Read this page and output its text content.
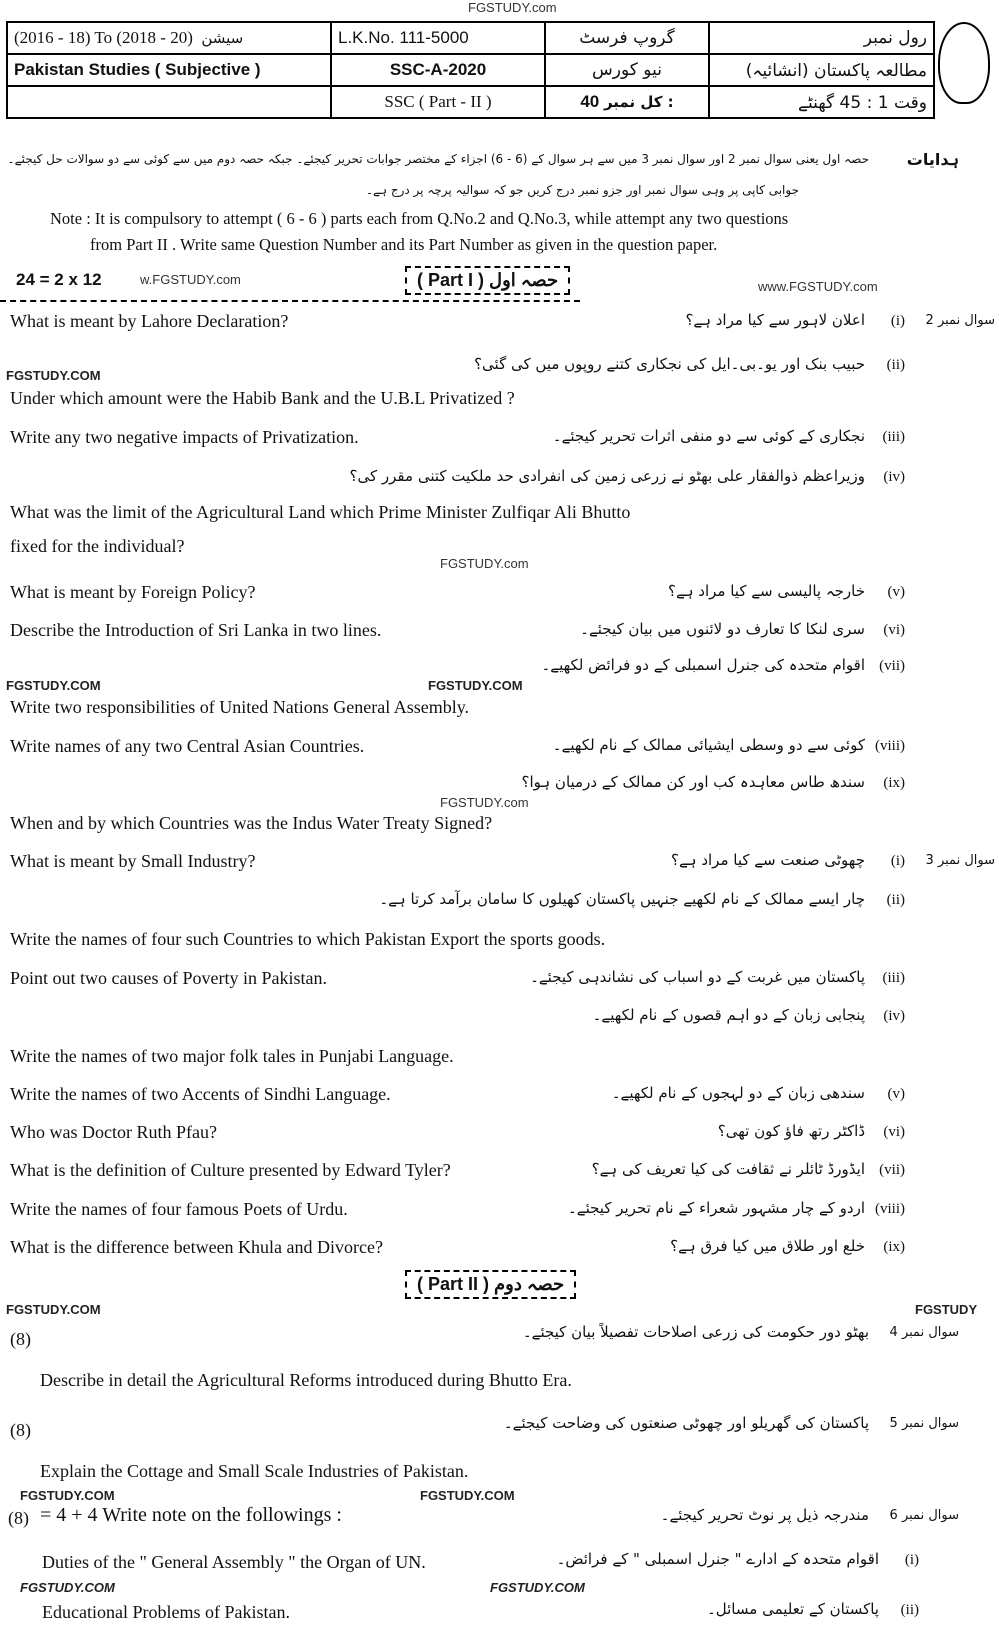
FGSTUDY.com
(2016 - 18) To (2018 - 20) سیشن	L.K.No. 111-5000	گروپ فرسٹ	رول نمبر
Pakistan Studies ( Subjective )	SSC-A-2020	نیو کورس	مطالعہ پاکستان (انشائیہ)
	SSC ( Part - II )	40 کل نمبر :	وقت 1 : 45 گھنٹے
ہدایات
حصہ اول یعنی سوال نمبر 2 اور سوال نمبر 3 میں سے ہر سوال کے (6 - 6) اجزاء کے مختصر جوابات تحریر کیجئے۔ جبکہ حصہ دوم میں سے کوئی سے دو سوالات حل کیجئے۔
جوابی کاپی پر وہی سوال نمبر اور جزو نمبر درج کریں جو کہ سوالیہ پرچہ پر درج ہے۔
Note : It is compulsory to attempt ( 6 - 6 ) parts each from Q.No.2 and Q.No.3, while attempt any two questions
from Part II . Write same Question Number and its Part Number as given in the question paper.
24 = 2 x 12	w.FGSTUDY.com	( Part I ) حصہ اول	www.FGSTUDY.com
( Part II ) حصہ دوم
FGSTUDY.COM	FGSTUDY
FGSTUDY.COM
FGSTUDY.COM	FGSTUDY.COM
FGSTUDY.com
FGSTUDY.com
FGSTUDY.COM	FGSTUDY.COM
FGSTUDY.COM	FGSTUDY.COM
سوال نمبر 2
(i)
اعلان لاہور سے کیا مراد ہے؟
What is meant by Lahore Declaration?
(ii)
حبیب بنک اور یو۔بی۔ایل کی نجکاری کتنے روپوں میں کی گئی؟
Under which amount were the Habib Bank and the U.B.L Privatized ?
(iii)
نجکاری کے کوئی سے دو منفی اثرات تحریر کیجئے۔
Write any two negative impacts of Privatization.
(iv)
وزیراعظم ذوالفقار علی بھٹو نے زرعی زمین کی انفرادی حد ملکیت کتنی مقرر کی؟
What was the limit of the Agricultural Land which Prime Minister Zulfiqar Ali Bhutto
(v)
خارجہ پالیسی سے کیا مراد ہے؟
What is meant by Foreign Policy?
(vi)
سری لنکا کا تعارف دو لائنوں میں بیان کیجئے۔
Describe the Introduction of Sri Lanka in two lines.
(vii)
اقوام متحدہ کی جنرل اسمبلی کے دو فرائض لکھیے۔
Write two responsibilities of United Nations General Assembly.
(viii)
کوئی سے دو وسطی ایشیائی ممالک کے نام لکھیے۔
Write names of any two Central Asian Countries.
(ix)
سندھ طاس معاہدہ کب اور کن ممالک کے درمیان ہوا؟
When and by which Countries was the Indus Water Treaty Signed?
سوال نمبر 3
(i)
چھوٹی صنعت سے کیا مراد ہے؟
What is meant by Small Industry?
(ii)
چار ایسے ممالک کے نام لکھیے جنہیں پاکستان کھیلوں کا سامان برآمد کرتا ہے۔
Write the names of four such Countries to which Pakistan Export the sports goods.
(iii)
پاکستان میں غربت کے دو اسباب کی نشاندہی کیجئے۔
Point out two causes of Poverty in Pakistan.
(iv)
پنجابی زبان کے دو اہم قصوں کے نام لکھیے۔
Write the names of two major folk tales in Punjabi Language.
(v)
سندھی زبان کے دو لہجوں کے نام لکھیے۔
Write the names of two Accents of Sindhi Language.
(vi)
ڈاکٹر رتھ فاؤ کون تھی؟
Who was Doctor Ruth Pfau?
(vii)
ایڈورڈ ٹائلر نے ثقافت کی کیا تعریف کی ہے؟
What is the definition of Culture presented by Edward Tyler?
(viii)
اردو کے چار مشہور شعراء کے نام تحریر کیجئے۔
Write the names of four famous Poets of Urdu.
(ix)
خلع اور طلاق میں کیا فرق ہے؟
What is the difference between Khula and Divorce?
fixed for the individual?
سوال نمبر 4
(8)	بھٹو دور حکومت کی زرعی اصلاحات تفصیلاً بیان کیجئے۔
Describe in detail the Agricultural Reforms introduced during Bhutto Era.
سوال نمبر 5
(8)	پاکستان کی گھریلو اور چھوٹی صنعتوں کی وضاحت کیجئے۔
Explain the Cottage and Small Scale Industries of Pakistan.
سوال نمبر 6
(8) = 4 + 4 Write note on the followings :	مندرجہ ذیل پر نوٹ تحریر کیجئے۔
(i)
اقوام متحدہ کے ادارے " جنرل اسمبلی " کے فرائض۔
Duties of the " General Assembly " the Organ of UN.
(ii)
پاکستان کے تعلیمی مسائل۔
Educational Problems of Pakistan.
